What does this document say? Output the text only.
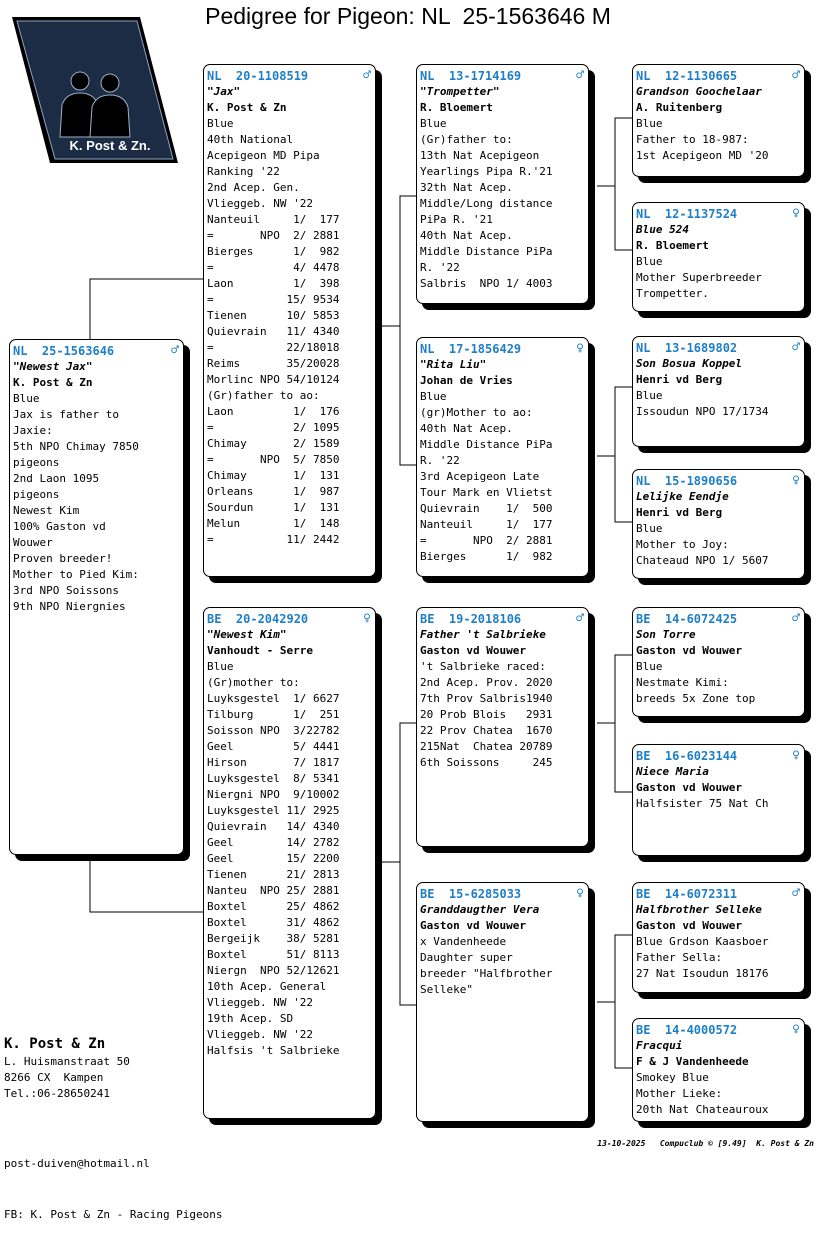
Pedigree for Pigeon: NL  25-1563646 M
K. Post & Zn.
NL  25-1563646	♂
"Newest Jax"
K. Post & Zn
Blue
Jax is father to
Jaxie:
5th NPO Chimay 7850
pigeons
2nd Laon 1095
pigeons
Newest Kim
100% Gaston vd
Wouwer
Proven breeder!
Mother to Pied Kim:
3rd NPO Soissons
9th NPO Niergnies
NL  20-1108519	♂
"Jax"
K. Post & Zn
Blue
40th National
Acepigeon MD Pipa
Ranking '22
2nd Acep. Gen.
Vlieggeb. NW '22
Nanteuil     1/  177
=       NPO  2/ 2881
Bierges      1/  982
=            4/ 4478
Laon         1/  398
=           15/ 9534
Tienen      10/ 5853
Quievrain   11/ 4340
=           22/18018
Reims       35/20028
Morlinc NPO 54/10124
(Gr)father to ao:
Laon         1/  176
=            2/ 1095
Chimay       2/ 1589
=       NPO  5/ 7850
Chimay       1/  131
Orleans      1/  987
Sourdun      1/  131
Melun        1/  148
=           11/ 2442
BE  20-2042920	♀
"Newest Kim"
Vanhoudt - Serre
Blue
(Gr)mother to:
Luyksgestel  1/ 6627
Tilburg      1/  251
Soisson NPO  3/22782
Geel         5/ 4441
Hirson       7/ 1817
Luyksgestel  8/ 5341
Niergni NPO  9/10002
Luyksgestel 11/ 2925
Quievrain   14/ 4340
Geel        14/ 2782
Geel        15/ 2200
Tienen      21/ 2813
Nanteu  NPO 25/ 2881
Boxtel      25/ 4862
Boxtel      31/ 4862
Bergeijk    38/ 5281
Boxtel      51/ 8113
Niergn  NPO 52/12621
10th Acep. General
Vlieggeb. NW '22
19th Acep. SD
Vlieggeb. NW '22
Halfsis 't Salbrieke
NL  13-1714169	♂
"Trompetter"
R. Bloemert
Blue
(Gr)father to:
13th Nat Acepigeon
Yearlings Pipa R.'21
32th Nat Acep.
Middle/Long distance
PiPa R. '21
40th Nat Acep.
Middle Distance PiPa
R. '22
Salbris  NPO 1/ 4003
NL  17-1856429	♀
"Rita Liu"
Johan de Vries
Blue
(gr)Mother to ao:
40th Nat Acep.
Middle Distance PiPa
R. '22
3rd Acepigeon Late
Tour Mark en Vlietst
Quievrain    1/  500
Nanteuil     1/  177
=       NPO  2/ 2881
Bierges      1/  982
BE  19-2018106	♂
Father 't Salbrieke
Gaston vd Wouwer
't Salbrieke raced:
2nd Acep. Prov. 2020
7th Prov Salbris1940
20 Prob Blois   2931
22 Prov Chatea  1670
215Nat  Chatea 20789
6th Soissons     245
BE  15-6285033	♀
Granddaugther Vera
Gaston vd Wouwer
x Vandenheede
Daughter super
breeder "Halfbrother
Selleke"
NL  12-1130665	♂
Grandson Goochelaar
A. Ruitenberg
Blue
Father to 18-987:
1st Acepigeon MD '20
NL  12-1137524	♀
Blue 524
R. Bloemert
Blue
Mother Superbreeder
Trompetter.
NL  13-1689802	♂
Son Bosua Koppel
Henri vd Berg
Blue
Issoudun NPO 17/1734
NL  15-1890656	♀
Lelijke Eendje
Henri vd Berg
Blue
Mother to Joy:
Chateaud NPO 1/ 5607
BE  14-6072425	♂
Son Torre
Gaston vd Wouwer
Blue
Nestmate Kimi:
breeds 5x Zone top
BE  16-6023144	♀
Niece Maria
Gaston vd Wouwer
Halfsister 75 Nat Ch
BE  14-6072311	♂
Halfbrother Selleke
Gaston vd Wouwer
Blue Grdson Kaasboer
Father Sella:
27 Nat Isoudun 18176
BE  14-4000572	♀
Fracqui
F & J Vandenheede
Smokey Blue
Mother Lieke:
20th Nat Chateauroux
K. Post & Zn
L. Huismanstraat 50
8266 CX  Kampen
Tel.:06-28650241

post-duiven@hotmail.nl

FB: K. Post & Zn - Racing Pigeons

13-10-2025   Compuclub © [9.49]  K. Post & Zn
